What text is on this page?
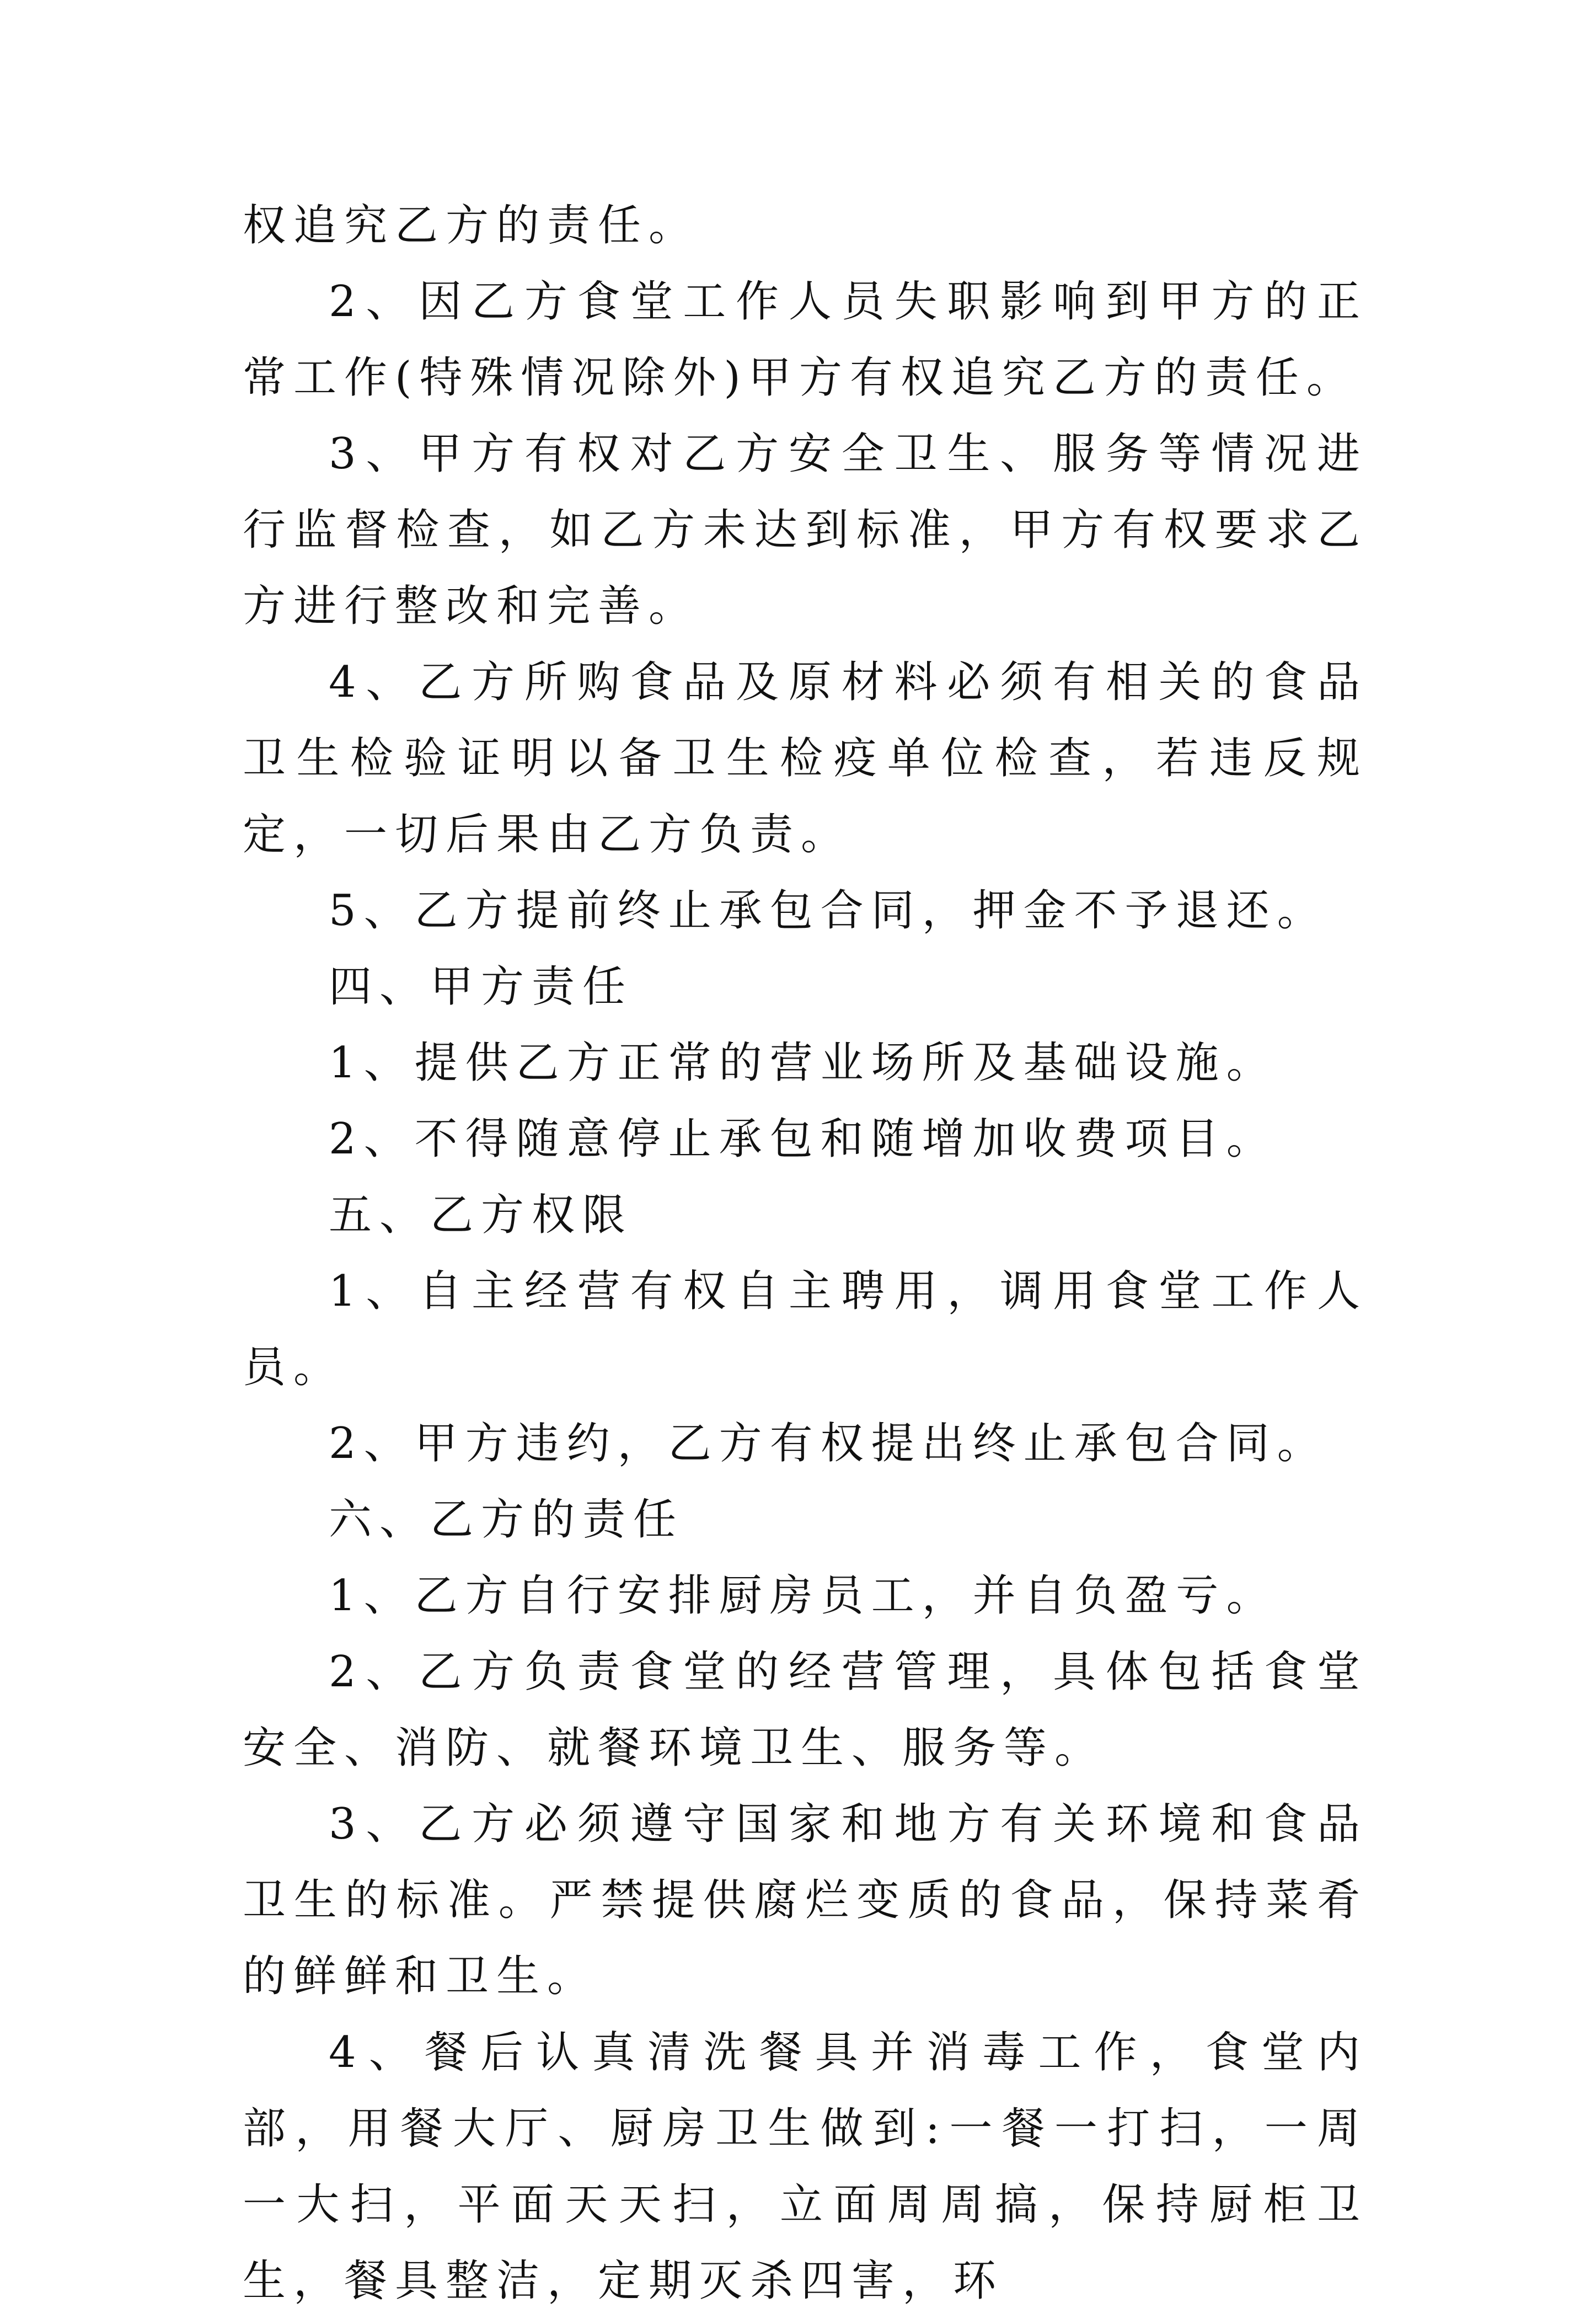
权追究乙方的责任。

2、因乙方食堂工作人员失职影响到甲方的正常工作(特殊情况除外)甲方有权追究乙方的责任。

3、甲方有权对乙方安全卫生、服务等情况进行监督检查，如乙方未达到标准，甲方有权要求乙方进行整改和完善。

4、乙方所购食品及原材料必须有相关的食品卫生检验证明以备卫生检疫单位检查，若违反规定，一切后果由乙方负责。

5、乙方提前终止承包合同，押金不予退还。

四、甲方责任

1、提供乙方正常的营业场所及基础设施。

2、不得随意停止承包和随增加收费项目。

五、乙方权限

1、自主经营有权自主聘用，调用食堂工作人员。

2、甲方违约，乙方有权提出终止承包合同。

六、乙方的责任

1、乙方自行安排厨房员工，并自负盈亏。

2、乙方负责食堂的经营管理，具体包括食堂安全、消防、就餐环境卫生、服务等。

3、乙方必须遵守国家和地方有关环境和食品卫生的标准。严禁提供腐烂变质的食品，保持菜肴的鲜鲜和卫生。

4、餐后认真清洗餐具并消毒工作，食堂内部，用餐大厅、厨房卫生做到:一餐一打扫，一周一大扫，平面天天扫，立面周周搞，保持厨柜卫生，餐具整洁，定期灭杀四害，环
